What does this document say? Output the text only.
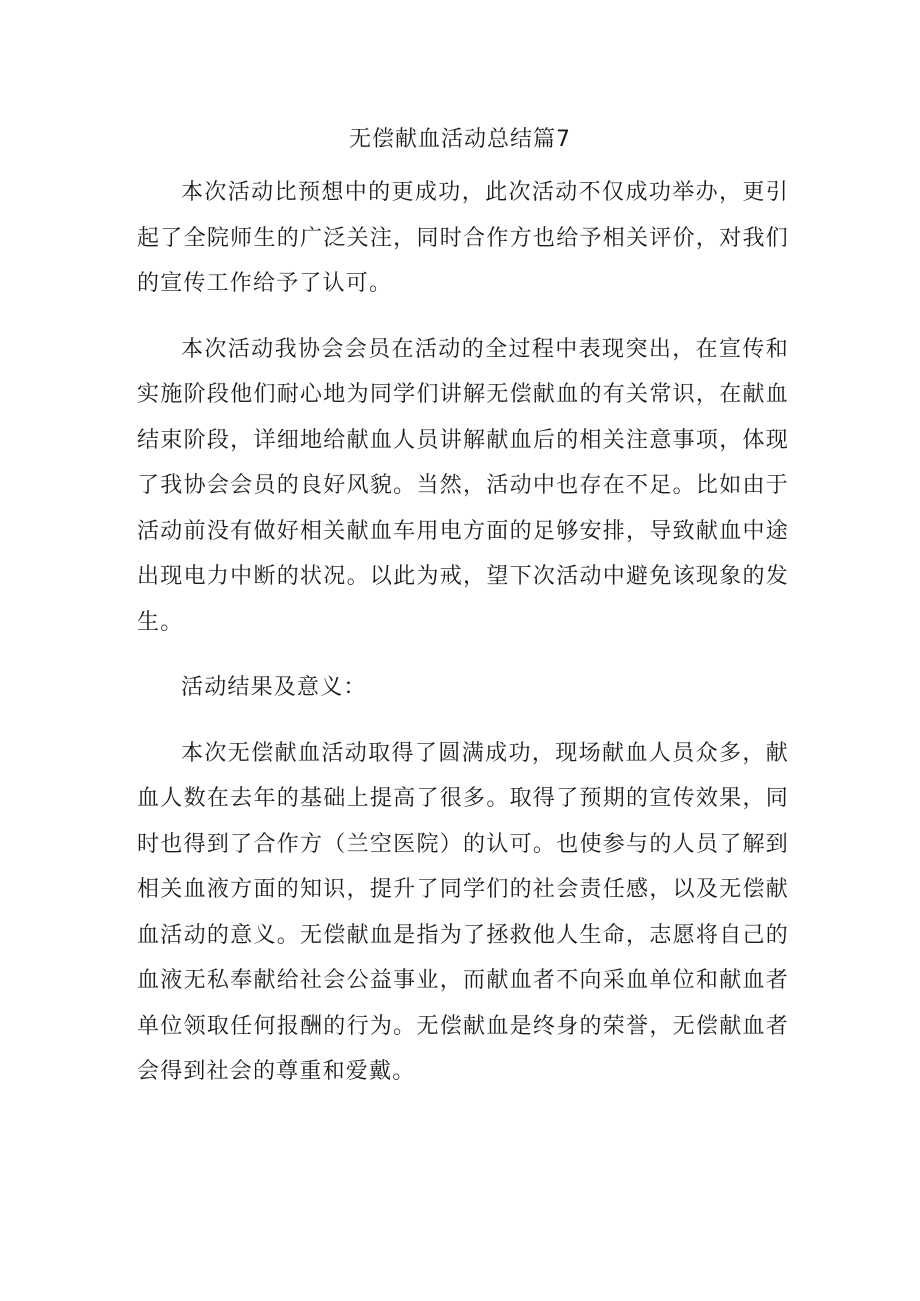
无偿献血活动总结篇7

本次活动比预想中的更成功，此次活动不仅成功举办，更引起了全院师生的广泛关注，同时合作方也给予相关评价，对我们的宣传工作给予了认可。

本次活动我协会会员在活动的全过程中表现突出，在宣传和实施阶段他们耐心地为同学们讲解无偿献血的有关常识，在献血结束阶段，详细地给献血人员讲解献血后的相关注意事项，体现了我协会会员的良好风貌。当然，活动中也存在不足。比如由于活动前没有做好相关献血车用电方面的足够安排，导致献血中途出现电力中断的状况。以此为戒，望下次活动中避免该现象的发生。

活动结果及意义：

本次无偿献血活动取得了圆满成功，现场献血人员众多，献血人数在去年的基础上提高了很多。取得了预期的宣传效果，同时也得到了合作方（兰空医院）的认可。也使参与的人员了解到相关血液方面的知识，提升了同学们的社会责任感，以及无偿献血活动的意义。无偿献血是指为了拯救他人生命，志愿将自己的血液无私奉献给社会公益事业，而献血者不向采血单位和献血者单位领取任何报酬的行为。无偿献血是终身的荣誉，无偿献血者会得到社会的尊重和爱戴。
